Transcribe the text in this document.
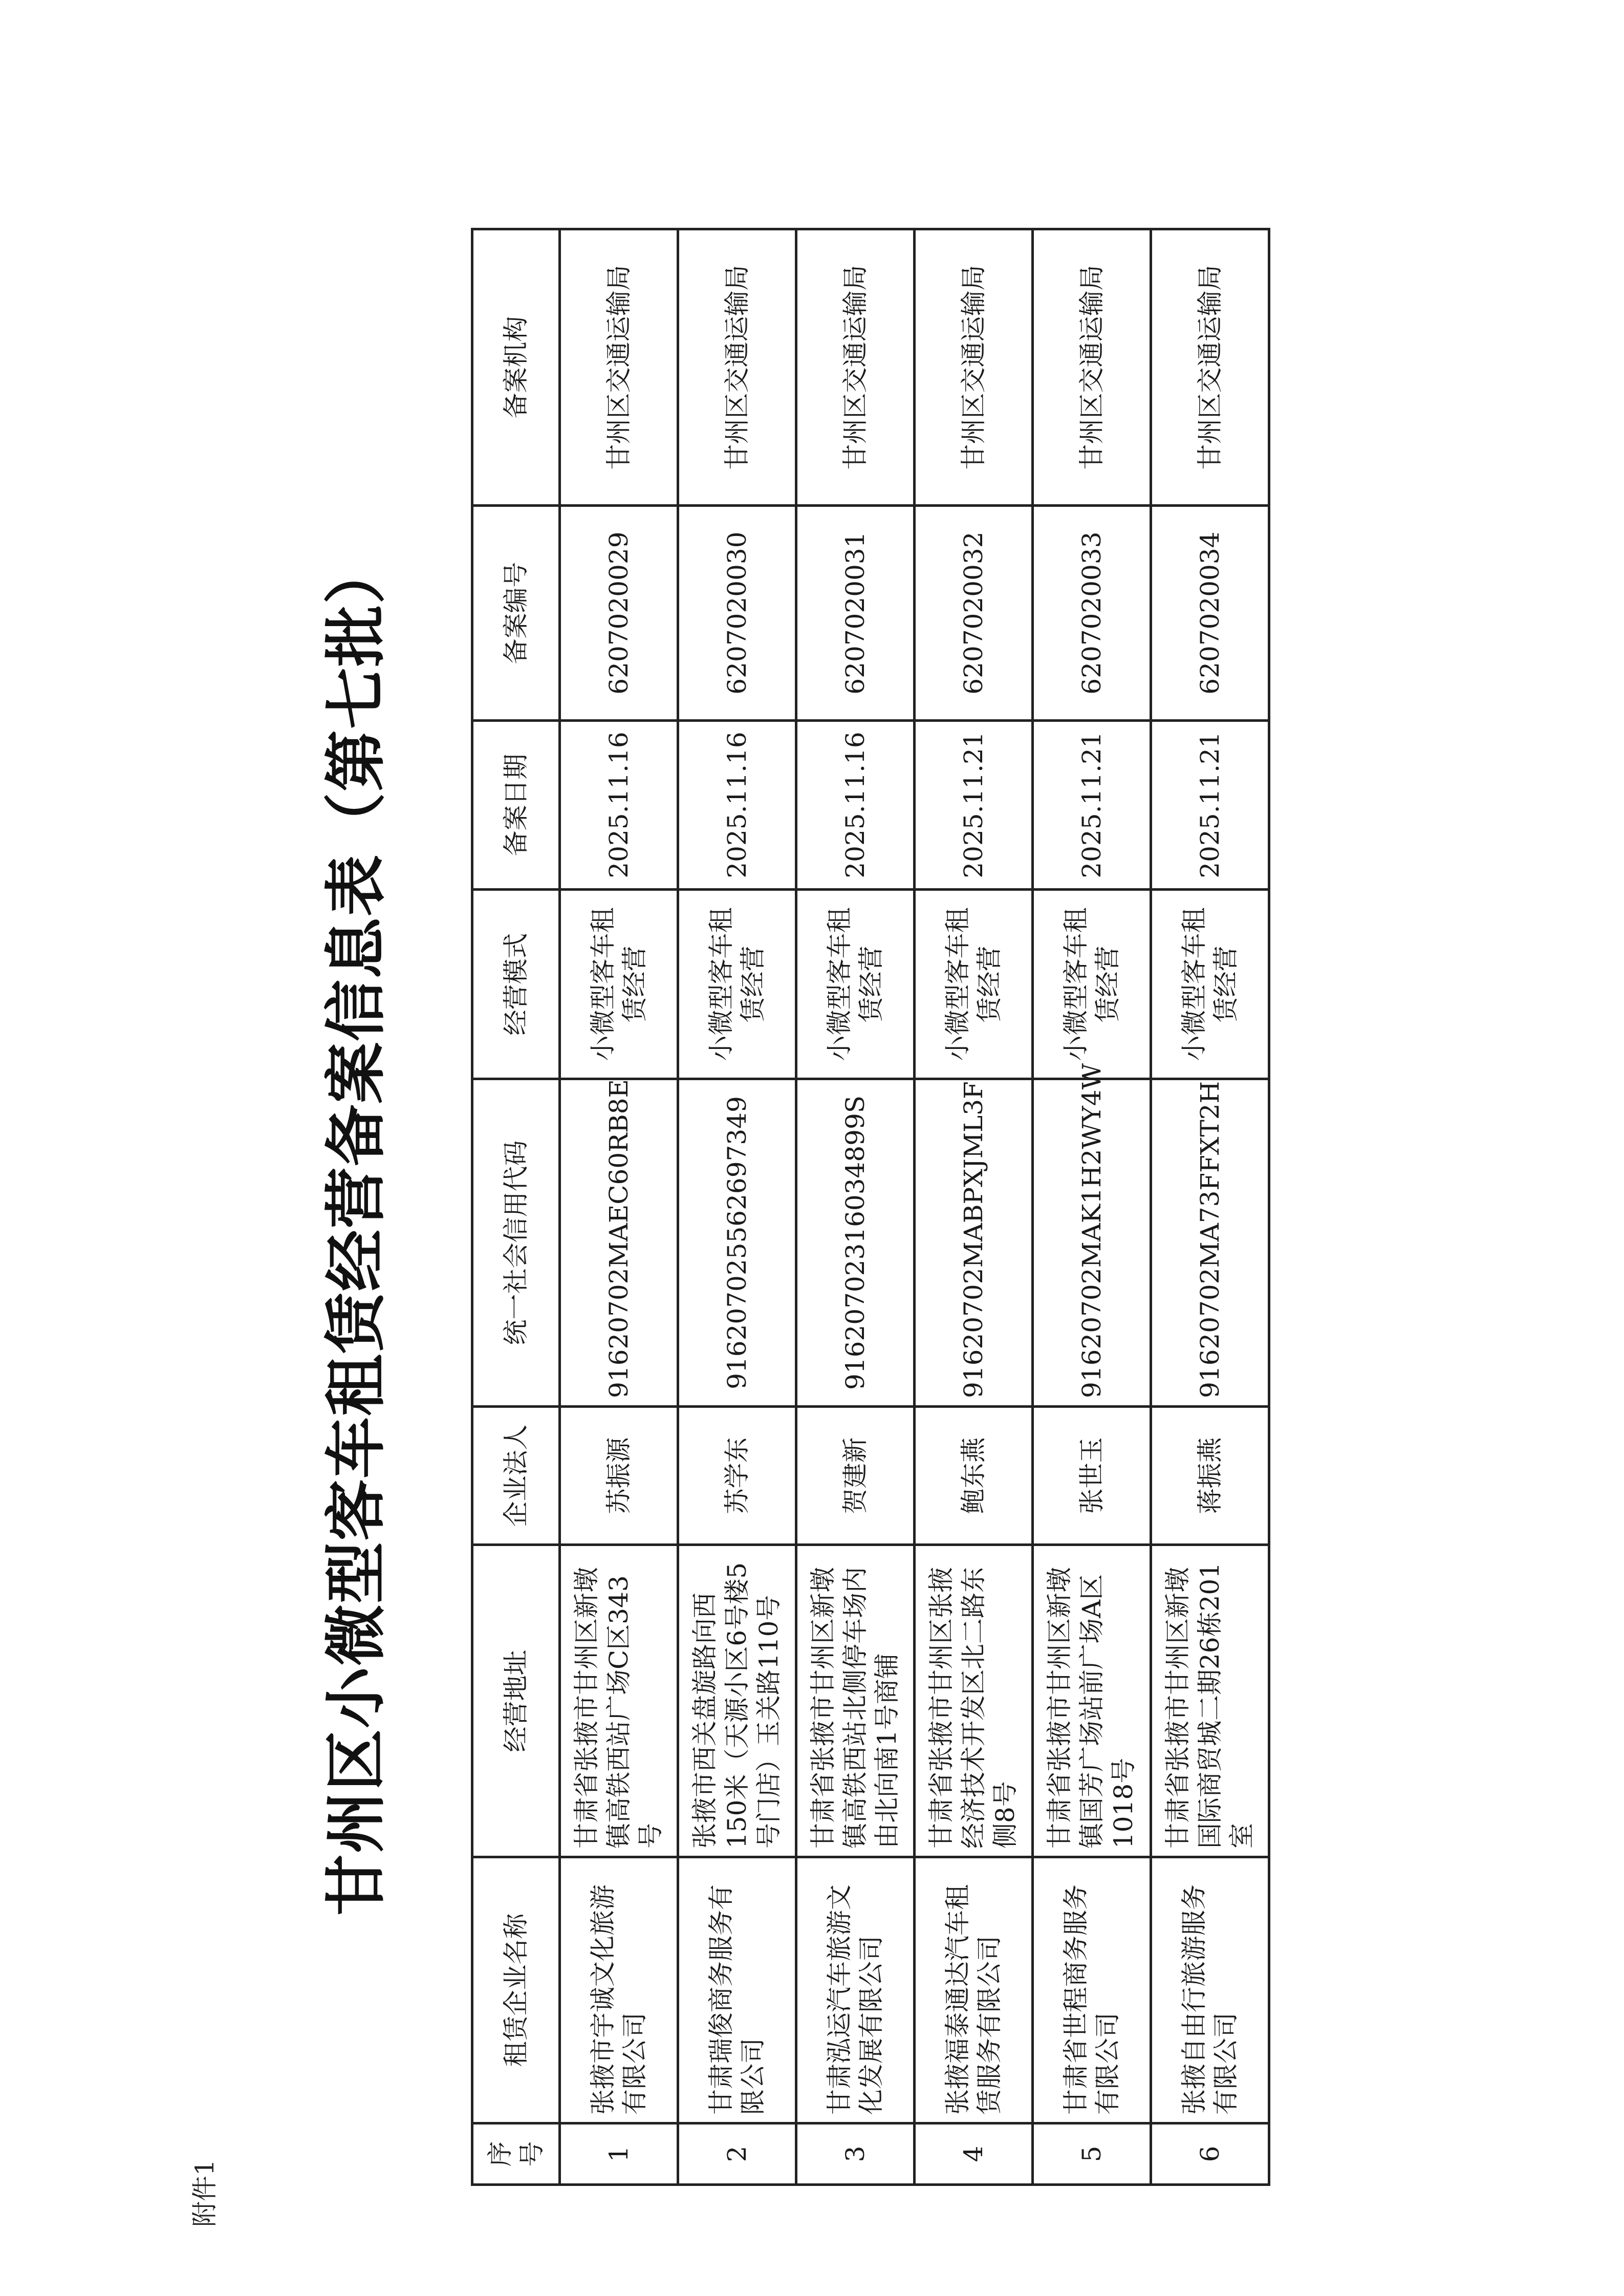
附件1
甘州区小微型客车租赁经营备案信息表（第七批）
序号	租赁企业名称	经营地址	企业法人	统一社会信用代码	经营模式	备案日期	备案编号	备案机构
1	张掖市宇诚文化旅游有限公司	甘肃省张掖市甘州区新墩镇高铁西站广场C区343号	苏振源	91620702MAEC60RB8E	小微型客车租赁经营	2025.11.16	6207020029	甘州区交通运输局
2	甘肃瑞俊商务服务有限公司	张掖市西关盘旋路向西150米（天源小区6号楼5号门店）玉关路110号	苏学东	916207025562697349	小微型客车租赁经营	2025.11.16	6207020030	甘州区交通运输局
3	甘肃泓运汽车旅游文化发展有限公司	甘肃省张掖市甘州区新墩镇高铁西站北侧停车场内由北向南1号商铺	贺建新	91620702316034899S	小微型客车租赁经营	2025.11.16	6207020031	甘州区交通运输局
4	张掖福泰通达汽车租赁服务有限公司	甘肃省张掖市甘州区张掖经济技术开发区北二路东侧8号	鲍东燕	91620702MABPXJML3F	小微型客车租赁经营	2025.11.21	6207020032	甘州区交通运输局
5	甘肃省世程商务服务有限公司	甘肃省张掖市甘州区新墩镇国芳广场站前广场A区1018号	张世玉	91620702MAK1H2WY4W	小微型客车租赁经营	2025.11.21	6207020033	甘州区交通运输局
6	张掖自由行旅游服务有限公司	甘肃省张掖市甘州区新墩国际商贸城二期26栋201室	蒋振燕	91620702MA73FFXT2H	小微型客车租赁经营	2025.11.21	6207020034	甘州区交通运输局
